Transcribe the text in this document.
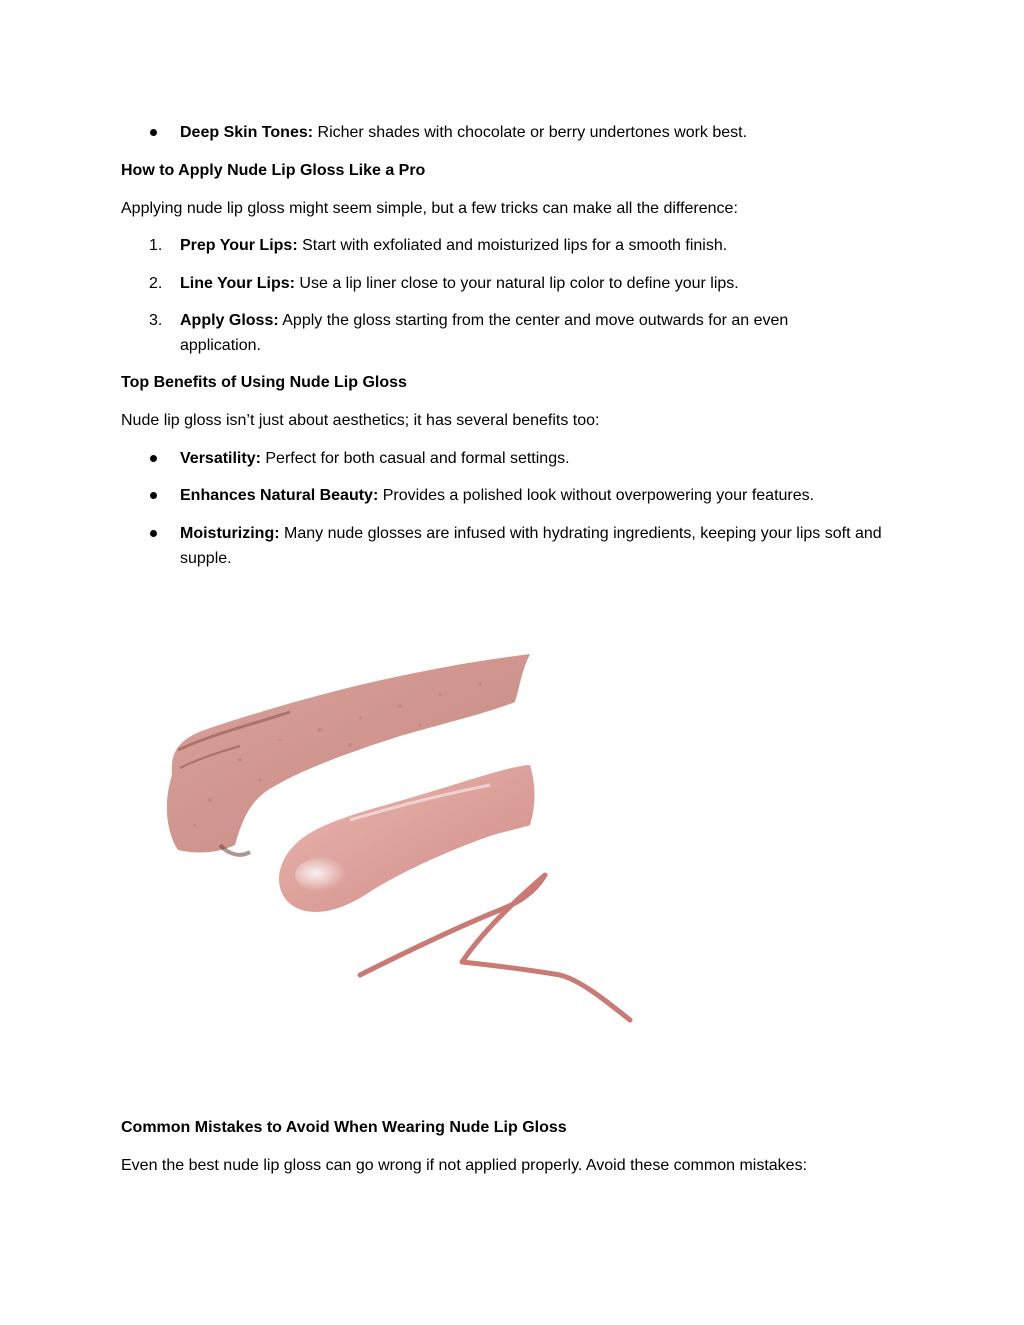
Deep Skin Tones: Richer shades with chocolate or berry undertones work best.
How to Apply Nude Lip Gloss Like a Pro
Applying nude lip gloss might seem simple, but a few tricks can make all the difference:
1.	Prep Your Lips: Start with exfoliated and moisturized lips for a smooth finish.
2.	Line Your Lips: Use a lip liner close to your natural lip color to define your lips.
3.	Apply Gloss: Apply the gloss starting from the center and move outwards for an even application.
Top Benefits of Using Nude Lip Gloss
Nude lip gloss isn’t just about aesthetics; it has several benefits too:
Versatility: Perfect for both casual and formal settings.
Enhances Natural Beauty: Provides a polished look without overpowering your features.
Moisturizing: Many nude glosses are infused with hydrating ingredients, keeping your lips soft and supple.
Common Mistakes to Avoid When Wearing Nude Lip Gloss
Even the best nude lip gloss can go wrong if not applied properly. Avoid these common mistakes:
